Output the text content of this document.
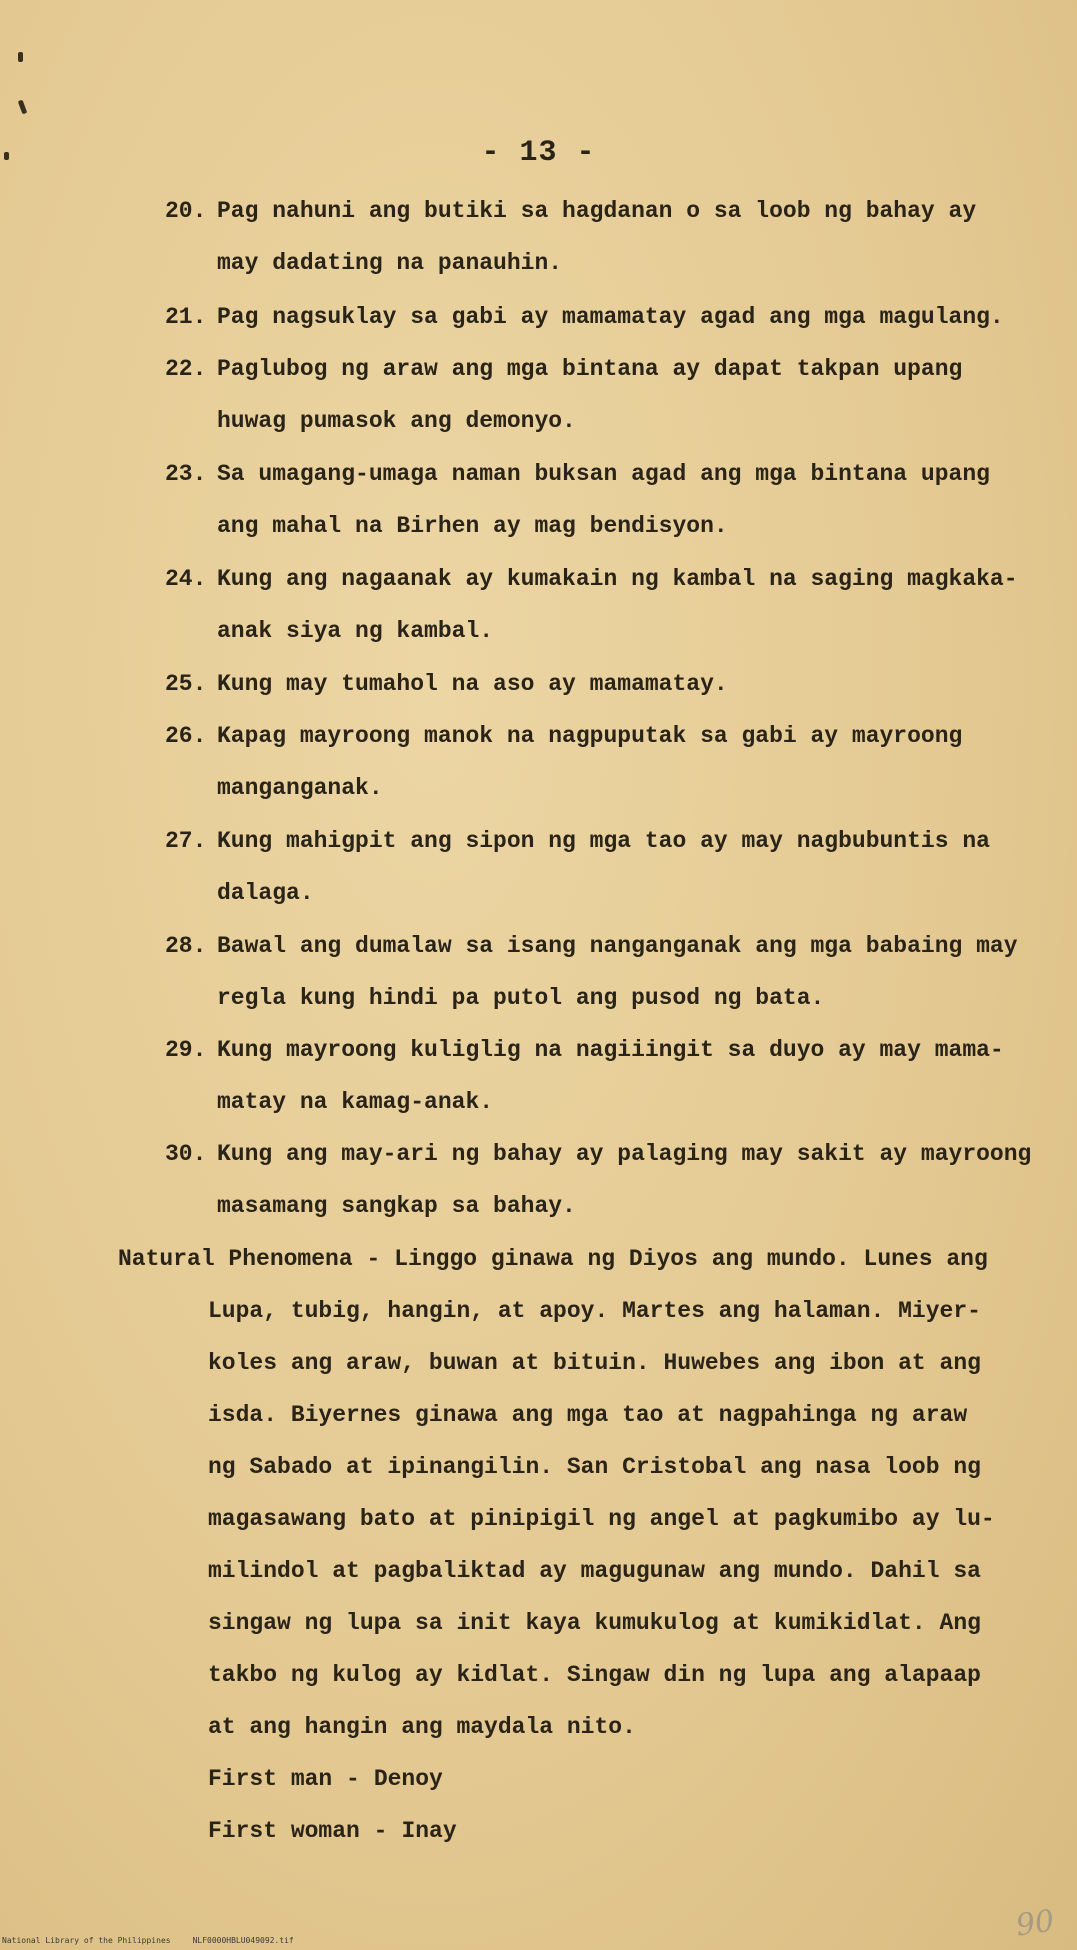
- 13 -
20. Pag nahuni ang butiki sa hagdanan o sa loob ng bahay ay
may dadating na panauhin.
21. Pag nagsuklay sa gabi ay mamamatay agad ang mga magulang.
22. Paglubog ng araw ang mga bintana ay dapat takpan upang
huwag pumasok ang demonyo.
23. Sa umagang-umaga naman buksan agad ang mga bintana upang
ang mahal na Birhen ay mag bendisyon.
24. Kung ang nagaanak ay kumakain ng kambal na saging magkaka-
anak siya ng kambal.
25. Kung may tumahol na aso ay mamamatay.
26. Kapag mayroong manok na nagpuputak sa gabi ay mayroong
manganganak.
27. Kung mahigpit ang sipon ng mga tao ay may nagbubuntis na
dalaga.
28. Bawal ang dumalaw sa isang nanganganak ang mga babaing may
regla kung hindi pa putol ang pusod ng bata.
29. Kung mayroong kuliglig na nagiiingit sa duyo ay may mama-
matay na kamag-anak.
30. Kung ang may-ari ng bahay ay palaging may sakit ay mayroong
masamang sangkap sa bahay.
Natural Phenomena - Linggo ginawa ng Diyos ang mundo. Lunes ang
Lupa, tubig, hangin, at apoy. Martes ang halaman. Miyer-
koles ang araw, buwan at bituin. Huwebes ang ibon at ang
isda. Biyernes ginawa ang mga tao at nagpahinga ng araw
ng Sabado at ipinangilin. San Cristobal ang nasa loob ng
magasawang bato at pinipigil ng angel at pagkumibo ay lu-
milindol at pagbaliktad ay magugunaw ang mundo. Dahil sa
singaw ng lupa sa init kaya kumukulog at kumikidlat. Ang
takbo ng kulog ay kidlat. Singaw din ng lupa ang alapaap
at ang hangin ang maydala nito.
First man - Denoy
First woman - Inay
90
National Library of the Philippines	NLF0000HBLU049092.tif
